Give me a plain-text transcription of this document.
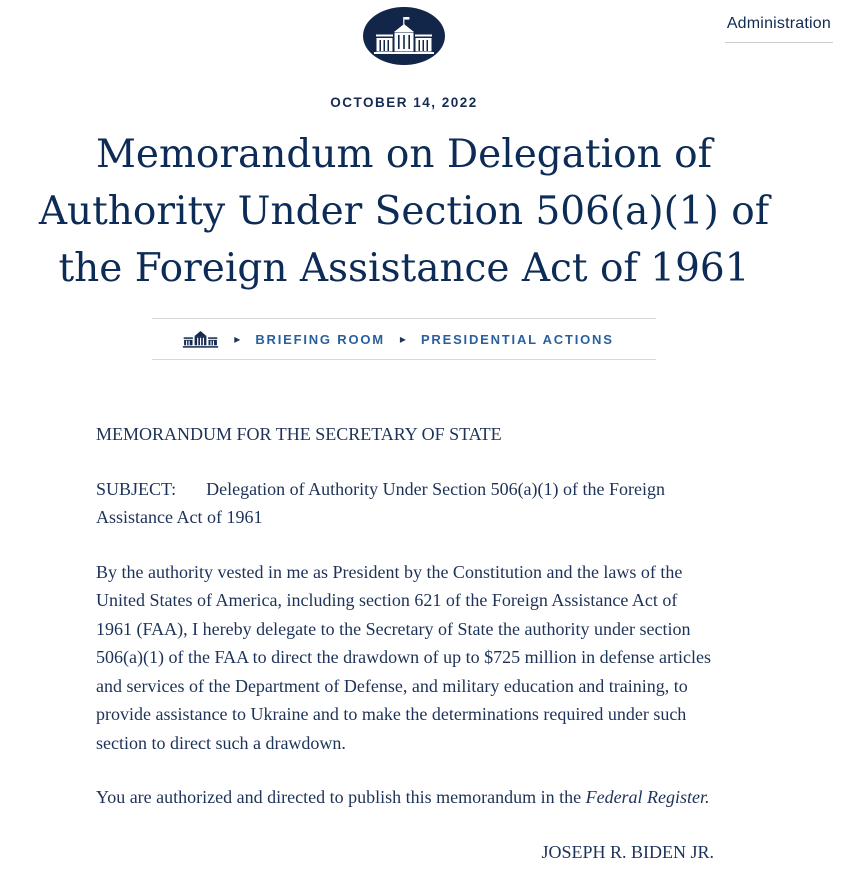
Administration
OCTOBER 14, 2022
Memorandum on Delegation of
Authority Under Section 506(a)(1) of
the Foreign Assistance Act of 1961
▸ BRIEFING ROOM ▸ PRESIDENTIAL ACTIONS

MEMORANDUM FOR THE SECRETARY OF STATE

SUBJECT: Delegation of Authority Under Section 506(a)(1) of the Foreign Assistance Act of 1961

By the authority vested in me as President by the Constitution and the laws of the United States of America, including section 621 of the Foreign Assistance Act of 1961 (FAA), I hereby delegate to the Secretary of State the authority under section 506(a)(1) of the FAA to direct the drawdown of up to $725 million in defense articles and services of the Department of Defense, and military education and training, to provide assistance to Ukraine and to make the determinations required under such section to direct such a drawdown.

You are authorized and directed to publish this memorandum in the Federal Register.

JOSEPH R. BIDEN JR.
